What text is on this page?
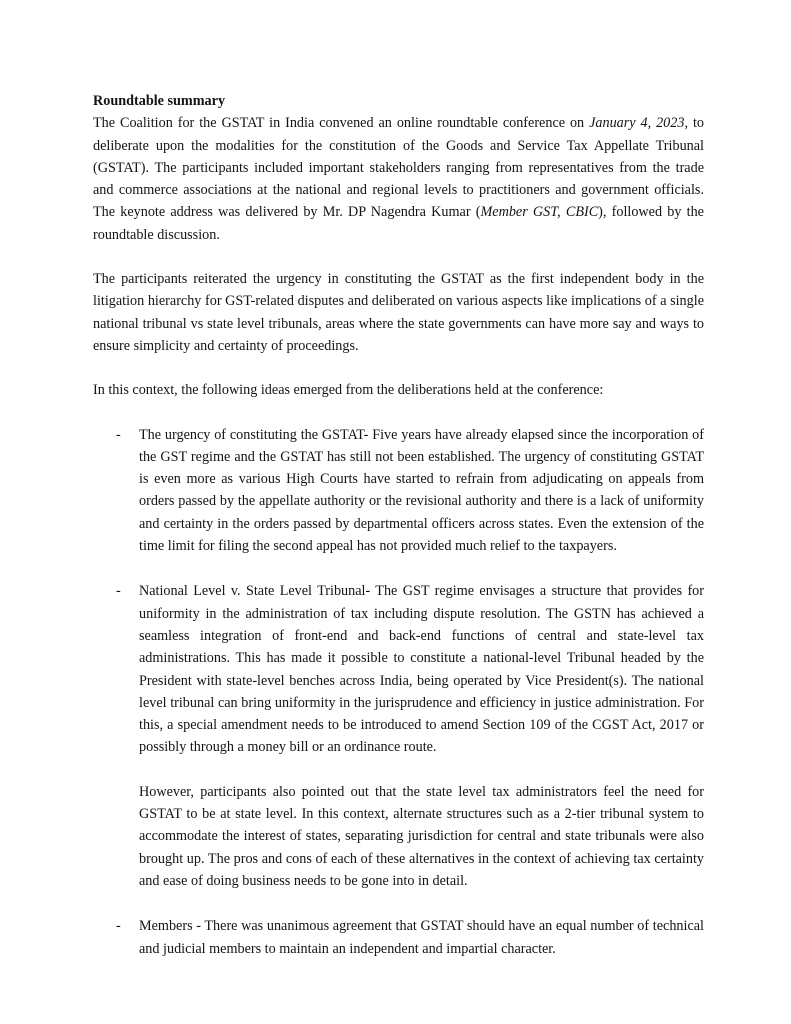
Roundtable summary

The Coalition for the GSTAT in India convened an online roundtable conference on January 4, 2023, to deliberate upon the modalities for the constitution of the Goods and Service Tax Appellate Tribunal (GSTAT). The participants included important stakeholders ranging from representatives from the trade and commerce associations at the national and regional levels to practitioners and government officials. The keynote address was delivered by Mr. DP Nagendra Kumar (Member GST, CBIC), followed by the roundtable discussion.

The participants reiterated the urgency in constituting the GSTAT as the first independent body in the litigation hierarchy for GST-related disputes and deliberated on various aspects like implications of a single national tribunal vs state level tribunals, areas where the state governments can have more say and ways to ensure simplicity and certainty of proceedings.

In this context, the following ideas emerged from the deliberations held at the conference:

- The urgency of constituting the GSTAT- Five years have already elapsed since the incorporation of the GST regime and the GSTAT has still not been established. The urgency of constituting GSTAT is even more as various High Courts have started to refrain from adjudicating on appeals from orders passed by the appellate authority or the revisional authority and there is a lack of uniformity and certainty in the orders passed by departmental officers across states. Even the extension of the time limit for filing the second appeal has not provided much relief to the taxpayers.

- National Level v. State Level Tribunal- The GST regime envisages a structure that provides for uniformity in the administration of tax including dispute resolution. The GSTN has achieved a seamless integration of front-end and back-end functions of central and state-level tax administrations. This has made it possible to constitute a national-level Tribunal headed by the President with state-level benches across India, being operated by Vice President(s). The national level tribunal can bring uniformity in the jurisprudence and efficiency in justice administration. For this, a special amendment needs to be introduced to amend Section 109 of the CGST Act, 2017 or possibly through a money bill or an ordinance route.

However, participants also pointed out that the state level tax administrators feel the need for GSTAT to be at state level. In this context, alternate structures such as a 2-tier tribunal system to accommodate the interest of states, separating jurisdiction for central and state tribunals were also brought up. The pros and cons of each of these alternatives in the context of achieving tax certainty and ease of doing business needs to be gone into in detail.

- Members - There was unanimous agreement that GSTAT should have an equal number of technical and judicial members to maintain an independent and impartial character.
